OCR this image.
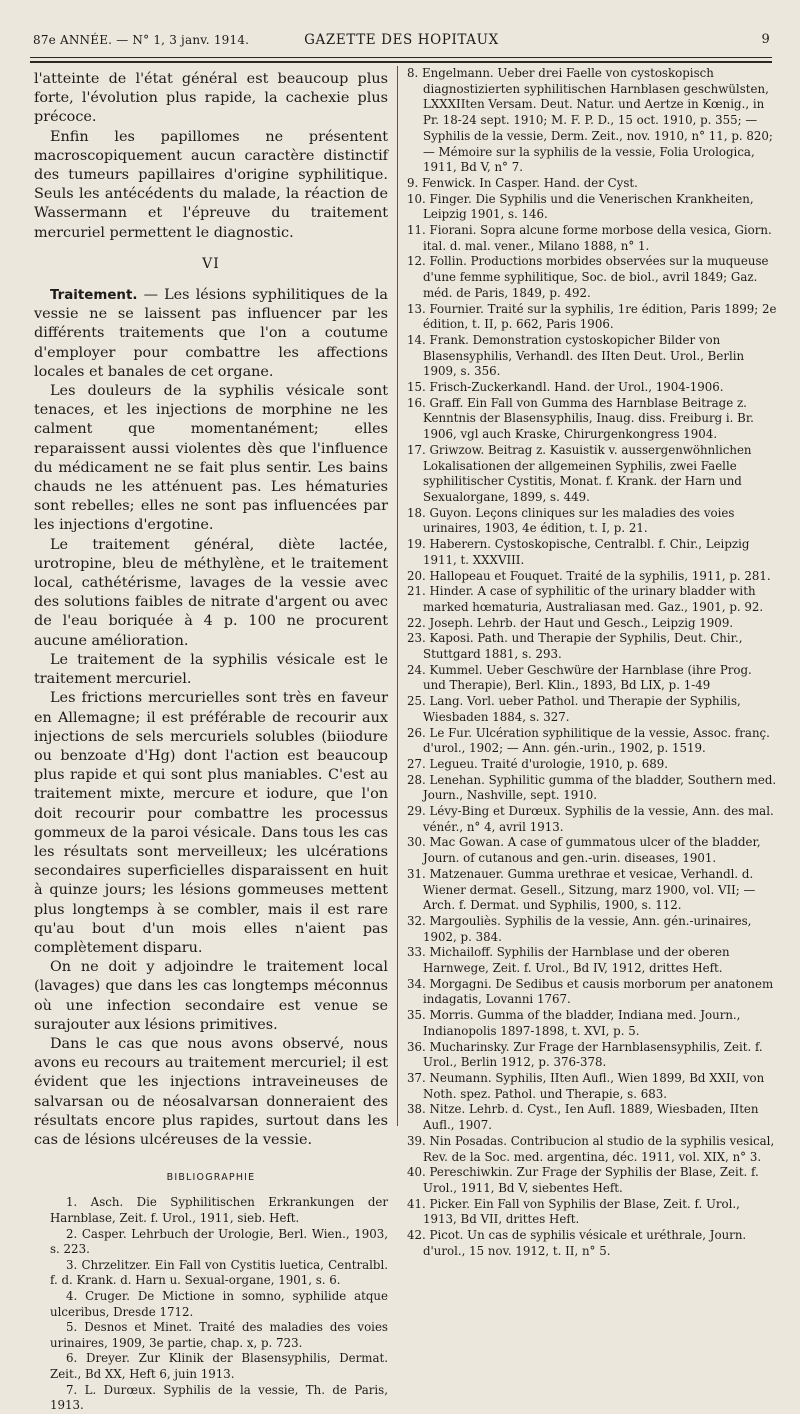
87e ANNÉE. — N° 1, 3 janv. 1914.	GAZETTE DES HOPITAUX	9

l'atteinte de l'état général est beaucoup plus forte, l'évolution plus rapide, la cachexie plus précoce.

Enfin les papillomes ne présentent macroscopiquement aucun caractère distinctif des tumeurs papillaires d'origine syphilitique. Seuls les antécédents du malade, la réaction de Wassermann et l'épreuve du traitement mercuriel permettent le diagnostic.

VI

Traitement. — Les lésions syphilitiques de la vessie ne se laissent pas influencer par les différents traitements que l'on a coutume d'employer pour combattre les affections locales et banales de cet organe.

Les douleurs de la syphilis vésicale sont tenaces, et les injections de morphine ne les calment que momentanément; elles reparaissent aussi violentes dès que l'influence du médicament ne se fait plus sentir. Les bains chauds ne les atténuent pas. Les hématuries sont rebelles; elles ne sont pas influencées par les injections d'ergotine.

Le traitement général, diète lactée, urotropine, bleu de méthylène, et le traitement local, cathétérisme, lavages de la vessie avec des solutions faibles de nitrate d'argent ou avec de l'eau boriquée à 4 p. 100 ne procurent aucune amélioration.

Le traitement de la syphilis vésicale est le traitement mercuriel.

Les frictions mercurielles sont très en faveur en Allemagne; il est préférable de recourir aux injections de sels mercuriels solubles (biiodure ou benzoate d'Hg) dont l'action est beaucoup plus rapide et qui sont plus maniables. C'est au traitement mixte, mercure et iodure, que l'on doit recourir pour combattre les processus gommeux de la paroi vésicale. Dans tous les cas les résultats sont merveilleux; les ulcérations secondaires superficielles disparaissent en huit à quinze jours; les lésions gommeuses mettent plus longtemps à se combler, mais il est rare qu'au bout d'un mois elles n'aient pas complètement disparu.

On ne doit y adjoindre le traitement local (lavages) que dans les cas longtemps méconnus où une infection secondaire est venue se surajouter aux lésions primitives.

Dans le cas que nous avons observé, nous avons eu recours au traitement mercuriel; il est évident que les injections intraveineuses de salvarsan ou de néosalvarsan donneraient des résultats encore plus rapides, surtout dans les cas de lésions ulcéreuses de la vessie.

BIBLIOGRAPHIE

1. Asch. Die Syphilitischen Erkrankungen der Harnblase, Zeit. f. Urol., 1911, sieb. Heft.

2. Casper. Lehrbuch der Urologie, Berl. Wien., 1903, s. 223.

3. Chrzelitzer. Ein Fall von Cystitis luetica, Centralbl. f. d. Krank. d. Harn u. Sexual-organe, 1901, s. 6.

4. Cruger. De Mictione in somno, syphilide atque ulceribus, Dresde 1712.

5. Desnos et Minet. Traité des maladies des voies urinaires, 1909, 3e partie, chap. x, p. 723.

6. Dreyer. Zur Klinik der Blasensyphilis, Dermat. Zeit., Bd XX, Heft 6, juin 1913.

7. L. Durœux. Syphilis de la vessie, Th. de Paris, 1913.

8. Engelmann. Ueber drei Faelle von cystoskopisch diagnostizierten syphilitischen Harnblasen geschwülsten, LXXXIIten Versam. Deut. Natur. und Aertze in Kœnig., in Pr. 18-24 sept. 1910; M. F. P. D., 15 oct. 1910, p. 355; — Syphilis de la vessie, Derm. Zeit., nov. 1910, n° 11, p. 820; — Mémoire sur la syphilis de la vessie, Folia Urologica, 1911, Bd V, n° 7.

9. Fenwick. In Casper. Hand. der Cyst.

10. Finger. Die Syphilis und die Venerischen Krankheiten, Leipzig 1901, s. 146.

11. Fiorani. Sopra alcune forme morbose della vesica, Giorn. ital. d. mal. vener., Milano 1888, n° 1.

12. Follin. Productions morbides observées sur la muqueuse d'une femme syphilitique, Soc. de biol., avril 1849; Gaz. méd. de Paris, 1849, p. 492.

13. Fournier. Traité sur la syphilis, 1re édition, Paris 1899; 2e édition, t. II, p. 662, Paris 1906.

14. Frank. Demonstration cystoskopicher Bilder von Blasensyphilis, Verhandl. des IIten Deut. Urol., Berlin 1909, s. 356.

15. Frisch-Zuckerkandl. Hand. der Urol., 1904-1906.

16. Graff. Ein Fall von Gumma des Harnblase Beitrage z. Kenntnis der Blasensyphilis, Inaug. diss. Freiburg i. Br. 1906, vgl auch Kraske, Chirurgenkongress 1904.

17. Griwzow. Beitrag z. Kasuistik v. aussergenwöhnlichen Lokalisationen der allgemeinen Syphilis, zwei Faelle syphilitischer Cystitis, Monat. f. Krank. der Harn und Sexualorgane, 1899, s. 449.

18. Guyon. Leçons cliniques sur les maladies des voies urinaires, 1903, 4e édition, t. I, p. 21.

19. Haberern. Cystoskopische, Centralbl. f. Chir., Leipzig 1911, t. XXXVIII.

20. Hallopeau et Fouquet. Traité de la syphilis, 1911, p. 281.

21. Hinder. A case of syphilitic of the urinary bladder with marked hœmaturia, Australiasan med. Gaz., 1901, p. 92.

22. Joseph. Lehrb. der Haut und Gesch., Leipzig 1909.

23. Kaposi. Path. und Therapie der Syphilis, Deut. Chir., Stuttgard 1881, s. 293.

24. Kummel. Ueber Geschwüre der Harnblase (ihre Prog. und Therapie), Berl. Klin., 1893, Bd LIX, p. 1-49

25. Lang. Vorl. ueber Pathol. und Therapie der Syphilis, Wiesbaden 1884, s. 327.

26. Le Fur. Ulcération syphilitique de la vessie, Assoc. franç. d'urol., 1902; — Ann. gén.-urin., 1902, p. 1519.

27. Legueu. Traité d'urologie, 1910, p. 689.

28. Lenehan. Syphilitic gumma of the bladder, Southern med. Journ., Nashville, sept. 1910.

29. Lévy-Bing et Durœux. Syphilis de la vessie, Ann. des mal. vénér., n° 4, avril 1913.

30. Mac Gowan. A case of gummatous ulcer of the bladder, Journ. of cutanous and gen.-urin. diseases, 1901.

31. Matzenauer. Gumma urethrae et vesicae, Verhandl. d. Wiener dermat. Gesell., Sitzung, marz 1900, vol. VII; — Arch. f. Dermat. und Syphilis, 1900, s. 112.

32. Margouliès. Syphilis de la vessie, Ann. gén.-urinaires, 1902, p. 384.

33. Michailoff. Syphilis der Harnblase und der oberen Harnwege, Zeit. f. Urol., Bd IV, 1912, drittes Heft.

34. Morgagni. De Sedibus et causis morborum per anatonem indagatis, Lovanni 1767.

35. Morris. Gumma of the bladder, Indiana med. Journ., Indianopolis 1897-1898, t. XVI, p. 5.

36. Mucharinsky. Zur Frage der Harnblasensyphilis, Zeit. f. Urol., Berlin 1912, p. 376-378.

37. Neumann. Syphilis, IIten Aufl., Wien 1899, Bd XXII, von Noth. spez. Pathol. und Therapie, s. 683.

38. Nitze. Lehrb. d. Cyst., Ien Aufl. 1889, Wiesbaden, IIten Aufl., 1907.

39. Nin Posadas. Contribucion al studio de la syphilis vesical, Rev. de la Soc. med. argentina, déc. 1911, vol. XIX, n° 3.

40. Pereschiwkin. Zur Frage der Syphilis der Blase, Zeit. f. Urol., 1911, Bd V, siebentes Heft.

41. Picker. Ein Fall von Syphilis der Blase, Zeit. f. Urol., 1913, Bd VII, drittes Heft.

42. Picot. Un cas de syphilis vésicale et uréthrale, Journ. d'urol., 15 nov. 1912, t. II, n° 5.
